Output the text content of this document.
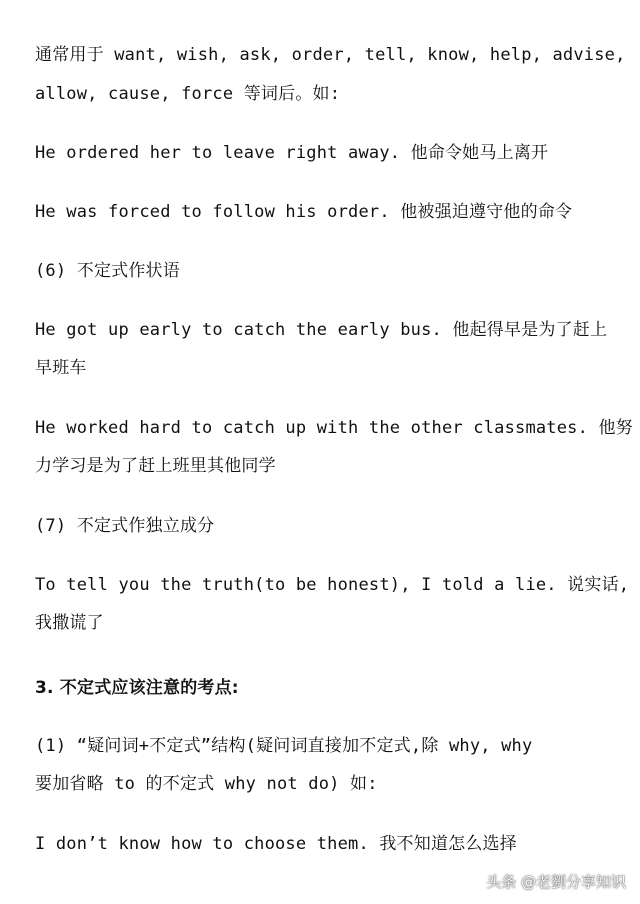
通常用于 want, wish, ask, order, tell, know, help, advise,
allow, cause, force 等词后。如:
He ordered her to leave right away. 他命令她马上离开
He was forced to follow his order. 他被强迫遵守他的命令
(6) 不定式作状语
He got up early to catch the early bus. 他起得早是为了赶上
早班车
He worked hard to catch up with the other classmates. 他努
力学习是为了赶上班里其他同学
(7) 不定式作独立成分
To tell you the truth(to be honest), I told a lie. 说实话,
我撒谎了
3. 不定式应该注意的考点:
(1) “疑问词+不定式”结构(疑问词直接加不定式,除 why, why
要加省略 to 的不定式 why not do) 如:
I don’t know how to choose them. 我不知道怎么选择
头条 @老劉分享知识
